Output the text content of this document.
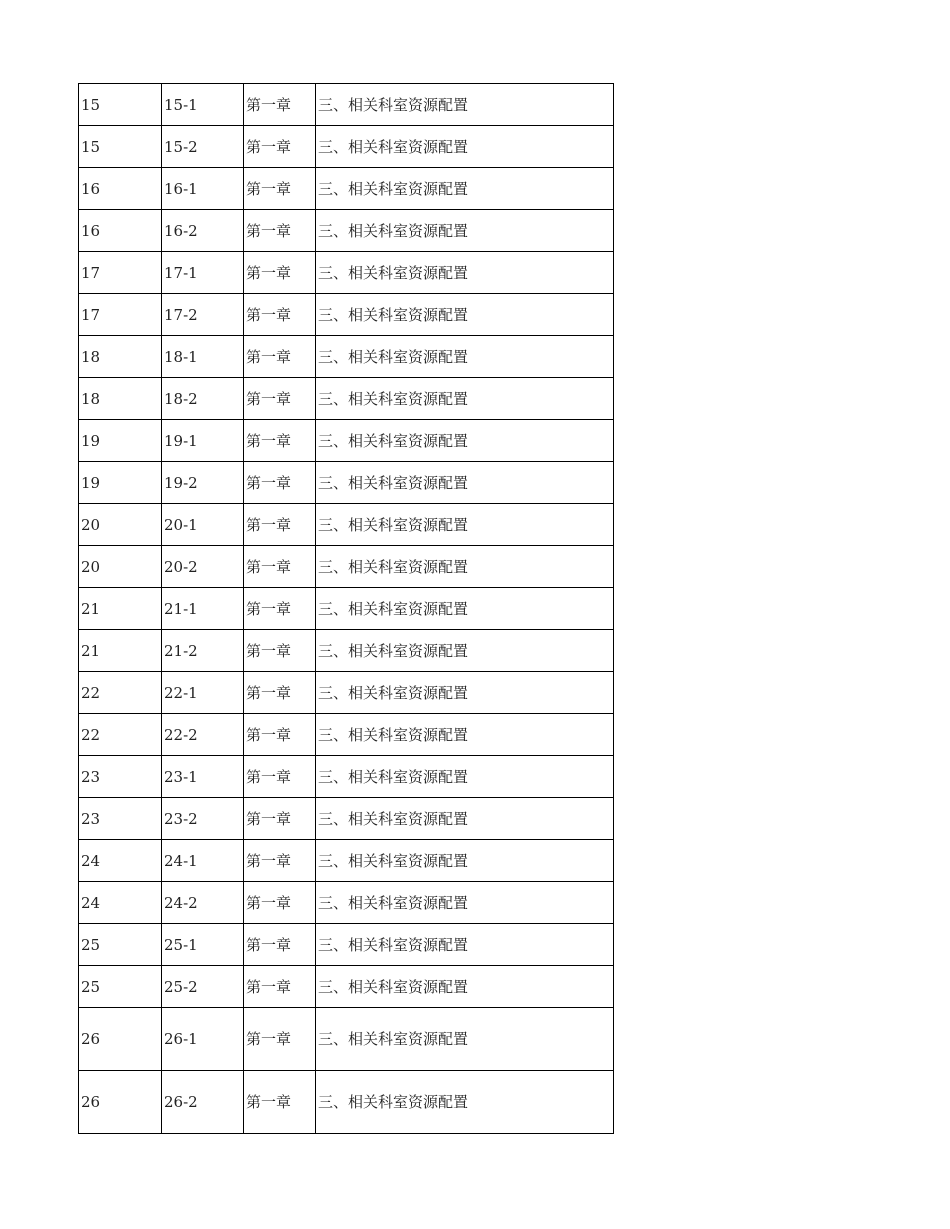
15	15-1	第一章	三、相关科室资源配置
15	15-2	第一章	三、相关科室资源配置
16	16-1	第一章	三、相关科室资源配置
16	16-2	第一章	三、相关科室资源配置
17	17-1	第一章	三、相关科室资源配置
17	17-2	第一章	三、相关科室资源配置
18	18-1	第一章	三、相关科室资源配置
18	18-2	第一章	三、相关科室资源配置
19	19-1	第一章	三、相关科室资源配置
19	19-2	第一章	三、相关科室资源配置
20	20-1	第一章	三、相关科室资源配置
20	20-2	第一章	三、相关科室资源配置
21	21-1	第一章	三、相关科室资源配置
21	21-2	第一章	三、相关科室资源配置
22	22-1	第一章	三、相关科室资源配置
22	22-2	第一章	三、相关科室资源配置
23	23-1	第一章	三、相关科室资源配置
23	23-2	第一章	三、相关科室资源配置
24	24-1	第一章	三、相关科室资源配置
24	24-2	第一章	三、相关科室资源配置
25	25-1	第一章	三、相关科室资源配置
25	25-2	第一章	三、相关科室资源配置
26	26-1	第一章	三、相关科室资源配置
26	26-2	第一章	三、相关科室资源配置
